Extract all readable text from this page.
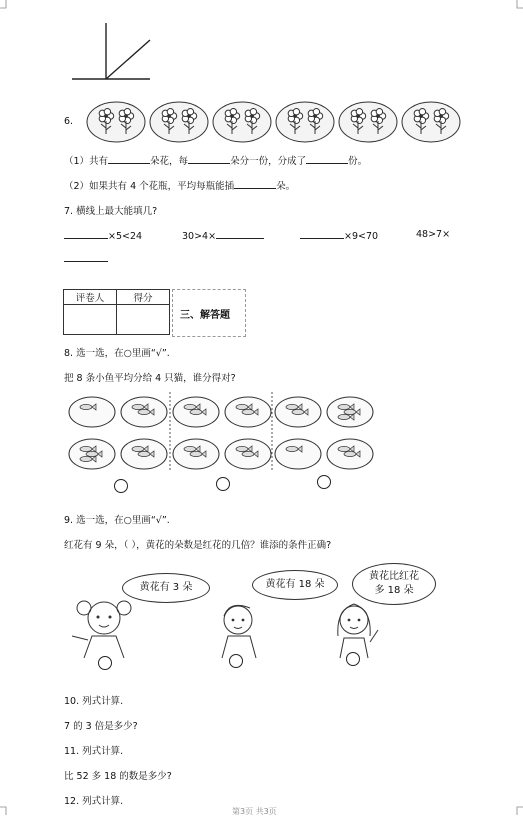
6.
（1）共有	朵花，每	朵分一份，分成了	份。
（2）如果共有 4 个花瓶，平均每瓶能插	朵。
7. 横线上最大能填几?
×5<24	30>4×	×9<70	48>7×
评卷人	得分

三、解答题
8. 选一选，在○里画“√”.
把 8 条小鱼平均分给 4 只猫，谁分得对?
9. 选一选，在○里画“√”.
红花有 9 朵，（ ），黄花的朵数是红花的几倍？谁添的条件正确?
黄花有 3 朵	黄花有 18 朵
黄花比红花
多 18 朵
10. 列式计算.
7 的 3 倍是多少?
11. 列式计算.
比 52 多 18 的数是多少?
12. 列式计算.
第3页 共3页
